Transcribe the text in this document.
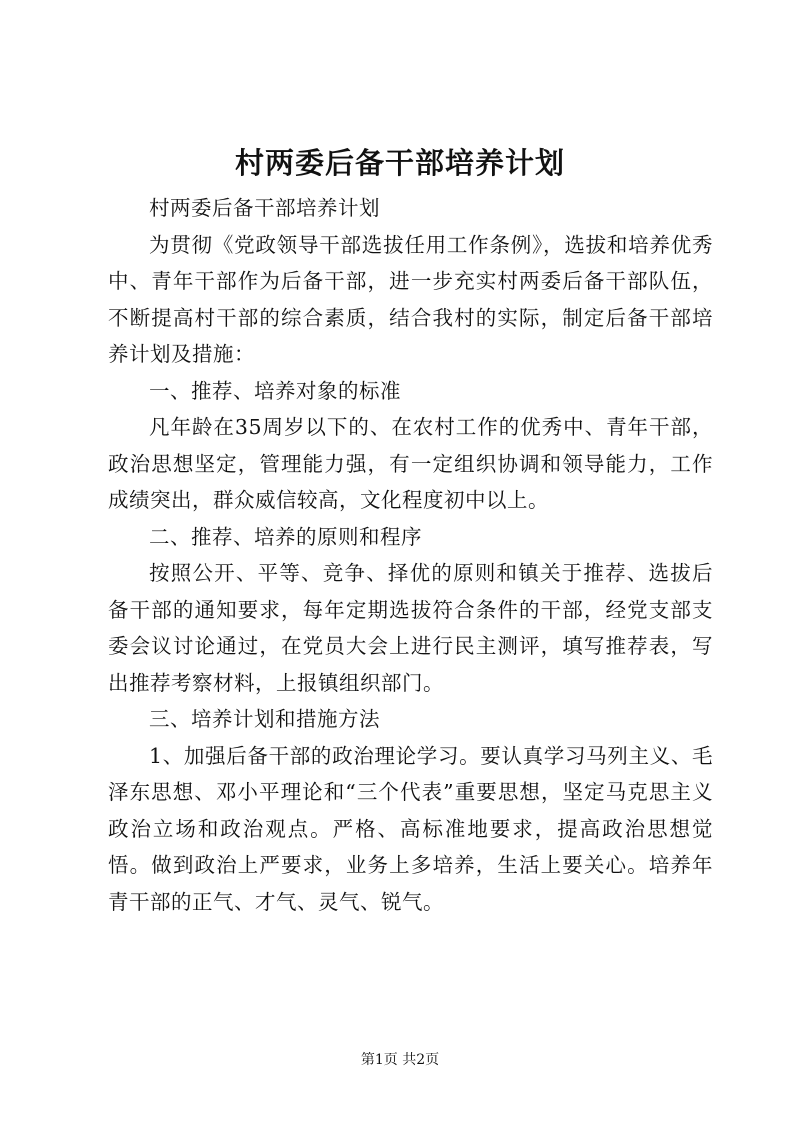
村两委后备干部培养计划

村两委后备干部培养计划

为贯彻《党政领导干部选拔任用工作条例》，选拔和培养优秀中、青年干部作为后备干部，进一步充实村两委后备干部队伍，不断提高村干部的综合素质，结合我村的实际，制定后备干部培养计划及措施：

一、推荐、培养对象的标准

凡年龄在35周岁以下的、在农村工作的优秀中、青年干部，政治思想坚定，管理能力强，有一定组织协调和领导能力，工作成绩突出，群众威信较高，文化程度初中以上。

二、推荐、培养的原则和程序

按照公开、平等、竞争、择优的原则和镇关于推荐、选拔后备干部的通知要求，每年定期选拔符合条件的干部，经党支部支委会议讨论通过，在党员大会上进行民主测评，填写推荐表，写出推荐考察材料，上报镇组织部门。

三、培养计划和措施方法

1、加强后备干部的政治理论学习。要认真学习马列主义、毛泽东思想、邓小平理论和“三个代表”重要思想，坚定马克思主义政治立场和政治观点。严格、高标准地要求，提高政治思想觉悟。做到政治上严要求，业务上多培养，生活上要关心。培养年青干部的正气、才气、灵气、锐气。

第1页 共2页
